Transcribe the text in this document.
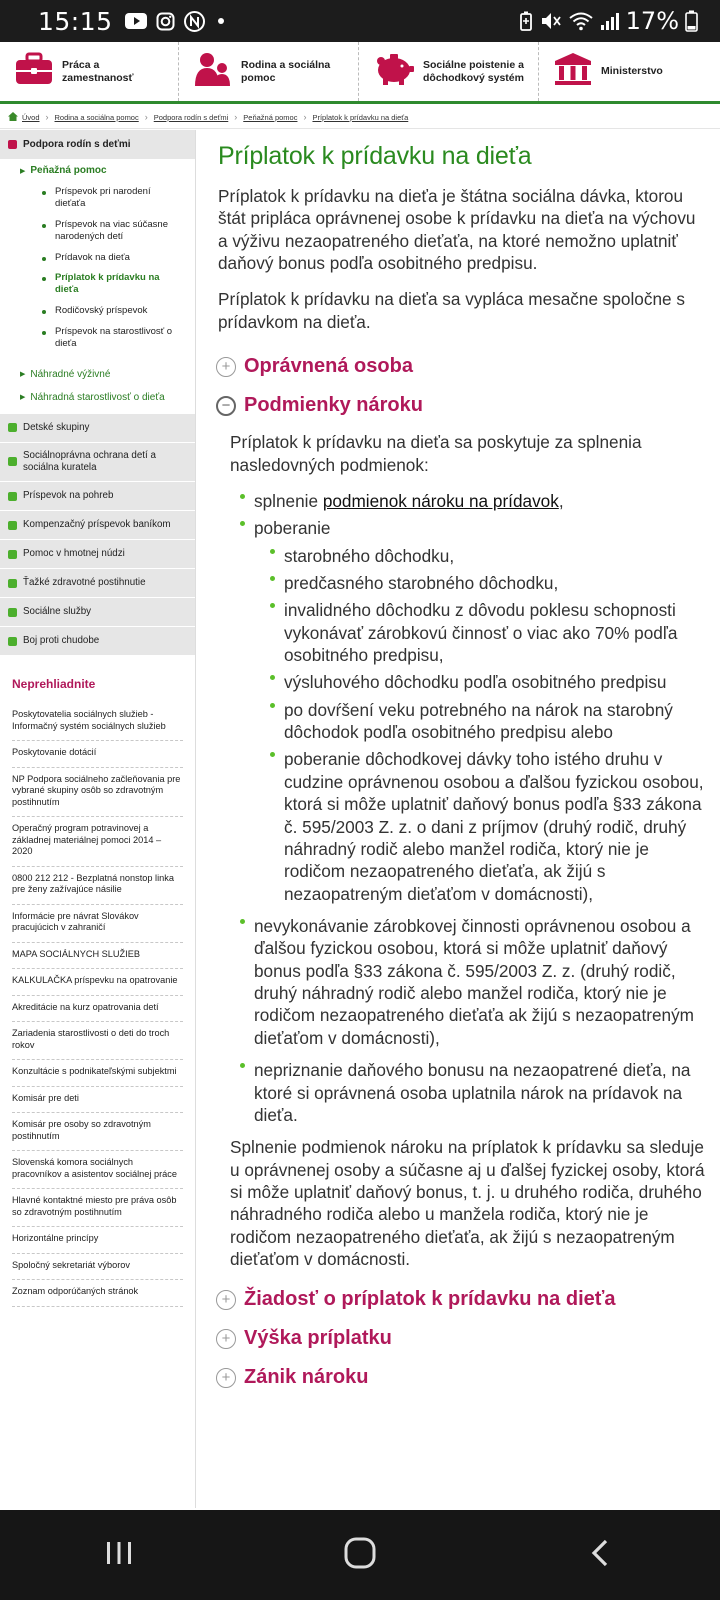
15:15	17%
Práca a zamestnanosť
Rodina a sociálna pomoc
Sociálne poistenie a dôchodkový systém
Ministerstvo
Úvod › Rodina a sociálna pomoc › Podpora rodín s deťmi › Peňažná pomoc › Príplatok k prídavku na dieťa
Podpora rodín s deťmi
▶ Peňažná pomoc
Príspevok pri narodení dieťaťa
Príspevok na viac súčasne narodených detí
Prídavok na dieťa
Príplatok k prídavku na dieťa
Rodičovský príspevok
Príspevok na starostlivosť o dieťa
▶ Náhradné výživné
▶ Náhradná starostlivosť o dieťa
Detské skupiny
Sociálnoprávna ochrana detí a sociálna kuratela
Príspevok na pohreb
Kompenzačný príspevok baníkom
Pomoc v hmotnej núdzi
Ťažké zdravotné postihnutie
Sociálne služby
Boj proti chudobe
Neprehliadnite
Poskytovatelia sociálnych služieb - Informačný systém sociálnych služieb
Poskytovanie dotácií
NP Podpora sociálneho začleňovania pre vybrané skupiny osôb so zdravotným postihnutím
Operačný program potravinovej a základnej materiálnej pomoci 2014 – 2020
0800 212 212 - Bezplatná nonstop linka pre ženy zažívajúce násilie
Informácie pre návrat Slovákov pracujúcich v zahraničí
MAPA SOCIÁLNYCH SLUŽIEB
KALKULAČKA príspevku na opatrovanie
Akreditácie na kurz opatrovania detí
Zariadenia starostlivosti o deti do troch rokov
Konzultácie s podnikateľskými subjektmi
Komisár pre deti
Komisár pre osoby so zdravotným postihnutím
Slovenská komora sociálnych pracovníkov a asistentov sociálnej práce
Hlavné kontaktné miesto pre práva osôb so zdravotným postihnutím
Horizontálne princípy
Spoločný sekretariát výborov
Zoznam odporúčaných stránok
Príplatok k prídavku na dieťa

Príplatok k prídavku na dieťa je štátna sociálna dávka, ktorou štát pripláca oprávnenej osobe k prídavku na dieťa na výchovu a výživu nezaopatreného dieťaťa, na ktoré nemožno uplatniť daňový bonus podľa osobitného predpisu.

Príplatok k prídavku na dieťa sa vypláca mesačne spoločne s prídavkom na dieťa.

+ Oprávnená osoba
− Podmienky nároku

Príplatok k prídavku na dieťa sa poskytuje za splnenia nasledovných podmienok:

splnenie podmienok nároku na prídavok,
poberanie
starobného dôchodku,
predčasného starobného dôchodku,
invalidného dôchodku z dôvodu poklesu schopnosti vykonávať zárobkovú činnosť o viac ako 70% podľa osobitného predpisu,
výsluhového dôchodku podľa osobitného predpisu
po dovŕšení veku potrebného na nárok na starobný dôchodok podľa osobitného predpisu alebo
poberanie dôchodkovej dávky toho istého druhu v cudzine oprávnenou osobou a ďalšou fyzickou osobou, ktorá si môže uplatniť daňový bonus podľa §33 zákona č. 595/2003 Z. z. o dani z príjmov (druhý rodič, druhý náhradný rodič alebo manžel rodiča, ktorý nie je rodičom nezaopatreného dieťaťa, ak žijú s nezaopatreným dieťaťom v domácnosti),
nevykonávanie zárobkovej činnosti oprávnenou osobou a ďalšou fyzickou osobou, ktorá si môže uplatniť daňový bonus podľa §33 zákona č. 595/2003 Z. z. (druhý rodič, druhý náhradný rodič alebo manžel rodiča, ktorý nie je rodičom nezaopatreného dieťaťa ak žijú s nezaopatreným dieťaťom v domácnosti),
nepriznanie daňového bonusu na nezaopatrené dieťa, na ktoré si oprávnená osoba uplatnila nárok na prídavok na dieťa.

Splnenie podmienok nároku na príplatok k prídavku sa sleduje u oprávnenej osoby a súčasne aj u ďalšej fyzickej osoby, ktorá si môže uplatniť daňový bonus, t. j. u druhého rodiča, druhého náhradného rodiča alebo u manžela rodiča, ktorý nie je rodičom nezaopatreného dieťaťa, ak žijú s nezaopatreným dieťaťom v domácnosti.

+ Žiadosť o príplatok k prídavku na dieťa
+ Výška príplatku
+ Zánik nároku
